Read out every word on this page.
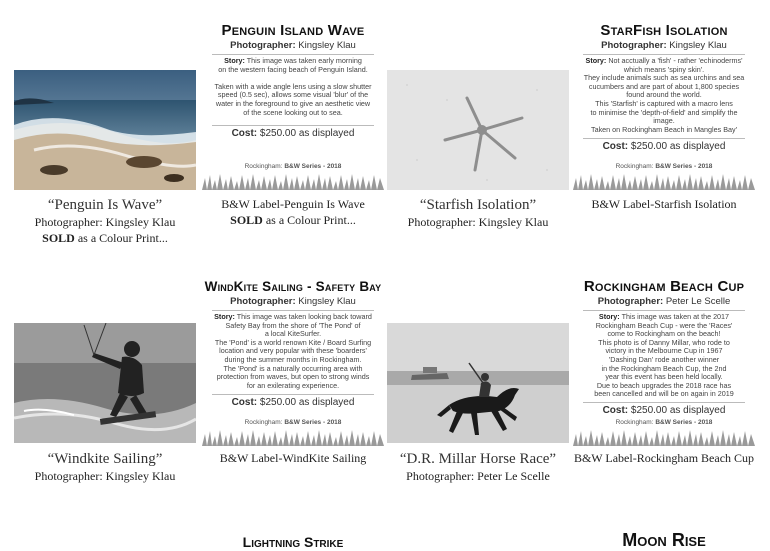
“Penguin Is Wave”
Photographer: Kingsley Klau
SOLD as a Colour Print...
Penguin Island Wave
Photographer: Kingsley Klau
Story: This image was taken early morning
on the western facing beach of Penguin Island.

Taken with a wide angle lens using a slow shutter
speed (0.5 sec), allows some visual 'blur' of the
water in the foreground to give an aesthetic view
of the scene looking out to sea.
Cost: $250.00 as displayed
Rockingham: B&W Series - 2018
B&W Label-Penguin Is Wave
SOLD as a Colour Print...
“Starfish Isolation”
Photographer: Kingsley Klau
StarFish Isolation
Photographer: Kingsley Klau
Story: Not acctually a 'fish' - rather 'echinoderms'
which means 'spiny skin'.
They include animals such as sea urchins and sea
cucumbers and are part of about 1,800 species
found around the world.
This 'Starfish' is captured with a macro lens
to minimise the 'depth-of-field' and simplify the
image.
Taken on Rockingham Beach in Mangles Bay'
Cost: $250.00 as displayed
Rockingham: B&W Series - 2018
B&W Label-Starfish Isolation
“Windkite Sailing”
Photographer: Kingsley Klau
WindKite Sailing - Safety Bay
Photographer: Kingsley Klau
Story: This image was taken looking back toward
Safety Bay from the shore of 'The Pond' of
a local KiteSurfer.
The 'Pond' is a world renown Kite / Board Surfing
location and very popular with these 'boarders'
during the summer months in Rockingham.
The 'Pond' is a naturally occurring area with
protection from waves, but open to strong winds
for an exilerating experience.
Cost: $250.00 as displayed
Rockingham: B&W Series - 2018
B&W Label-WindKite Sailing	“D.R. Millar Horse Race”
Photographer: Peter Le Scelle
Rockingham Beach Cup
Photographer: Peter Le Scelle
Story: This image was taken at the 2017
Rockingham Beach Cup - were the 'Races'
come to Rockingham on the beach!
This photo is of Danny Millar, who rode to
victory in the Melbourne Cup in 1967
'Dashing Dan' rode another winner
in the Rockingham Beach Cup, the 2nd
year this event has been held locally.
Due to beach upgrades the 2018 race has
been cancelled and will be on again in 2019
Cost: $250.00 as displayed
Rockingham: B&W Series - 2018
B&W Label-Rockingham Beach Cup
Lightning Strike	Moon Rise
